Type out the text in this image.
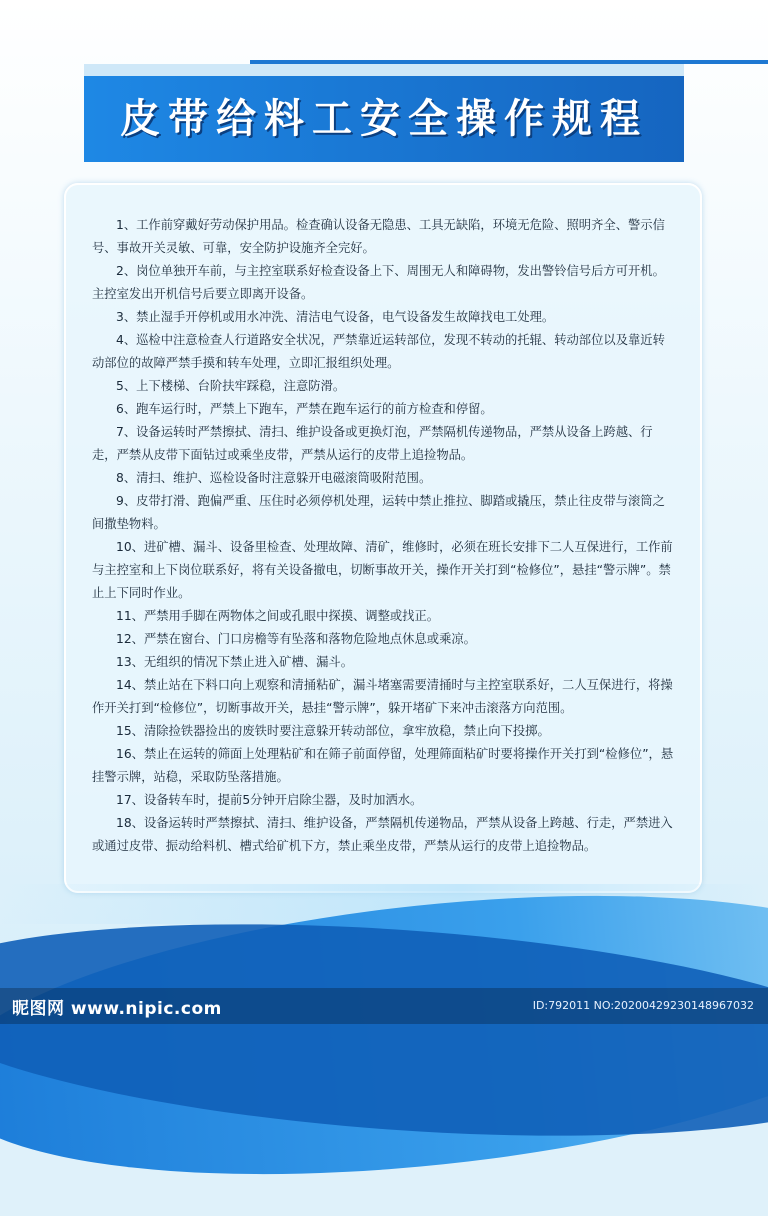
皮带给料工安全操作规程
1、工作前穿戴好劳动保护用品。检查确认设备无隐患、工具无缺陷，环境无危险、照明齐全、警示信号、事故开关灵敏、可靠，安全防护设施齐全完好。
2、岗位单独开车前，与主控室联系好检查设备上下、周围无人和障碍物，发出警铃信号后方可开机。主控室发出开机信号后要立即离开设备。
3、禁止湿手开停机或用水冲洗、清洁电气设备，电气设备发生故障找电工处理。
4、巡检中注意检查人行道路安全状况，严禁靠近运转部位，发现不转动的托辊、转动部位以及靠近转动部位的故障严禁手摸和转车处理，立即汇报组织处理。
5、上下楼梯、台阶扶牢踩稳，注意防滑。
6、跑车运行时，严禁上下跑车，严禁在跑车运行的前方检查和停留。
7、设备运转时严禁擦拭、清扫、维护设备或更换灯泡，严禁隔机传递物品，严禁从设备上跨越、行走，严禁从皮带下面钻过或乘坐皮带，严禁从运行的皮带上追捡物品。
8、清扫、维护、巡检设备时注意躲开电磁滚筒吸附范围。
9、皮带打滑、跑偏严重、压住时必须停机处理，运转中禁止推拉、脚踏或撬压，禁止往皮带与滚筒之间撒垫物料。
10、进矿槽、漏斗、设备里检查、处理故障、清矿，维修时，必须在班长安排下二人互保进行，工作前与主控室和上下岗位联系好，将有关设备撤电，切断事故开关，操作开关打到“检修位”，悬挂“警示牌”。禁止上下同时作业。
11、严禁用手脚在两物体之间或孔眼中探摸、调整或找正。
12、严禁在窗台、门口房檐等有坠落和落物危险地点休息或乘凉。
13、无组织的情况下禁止进入矿槽、漏斗。
14、禁止站在下料口向上观察和清捅粘矿，漏斗堵塞需要清捅时与主控室联系好，二人互保进行，将操作开关打到“检修位”，切断事故开关，悬挂“警示牌”，躲开堵矿下来冲击滚落方向范围。
15、清除捡铁器捡出的废铁时要注意躲开转动部位，拿牢放稳，禁止向下投掷。
16、禁止在运转的筛面上处理粘矿和在筛子前面停留，处理筛面粘矿时要将操作开关打到“检修位”，悬挂警示牌，站稳，采取防坠落措施。
17、设备转车时，提前5分钟开启除尘器，及时加洒水。
18、设备运转时严禁擦拭、清扫、维护设备，严禁隔机传递物品，严禁从设备上跨越、行走，严禁进入或通过皮带、振动给料机、槽式给矿机下方，禁止乘坐皮带，严禁从运行的皮带上追捡物品。
昵图网 www.nipic.com	ID:792011 NO:20200429230148967032
